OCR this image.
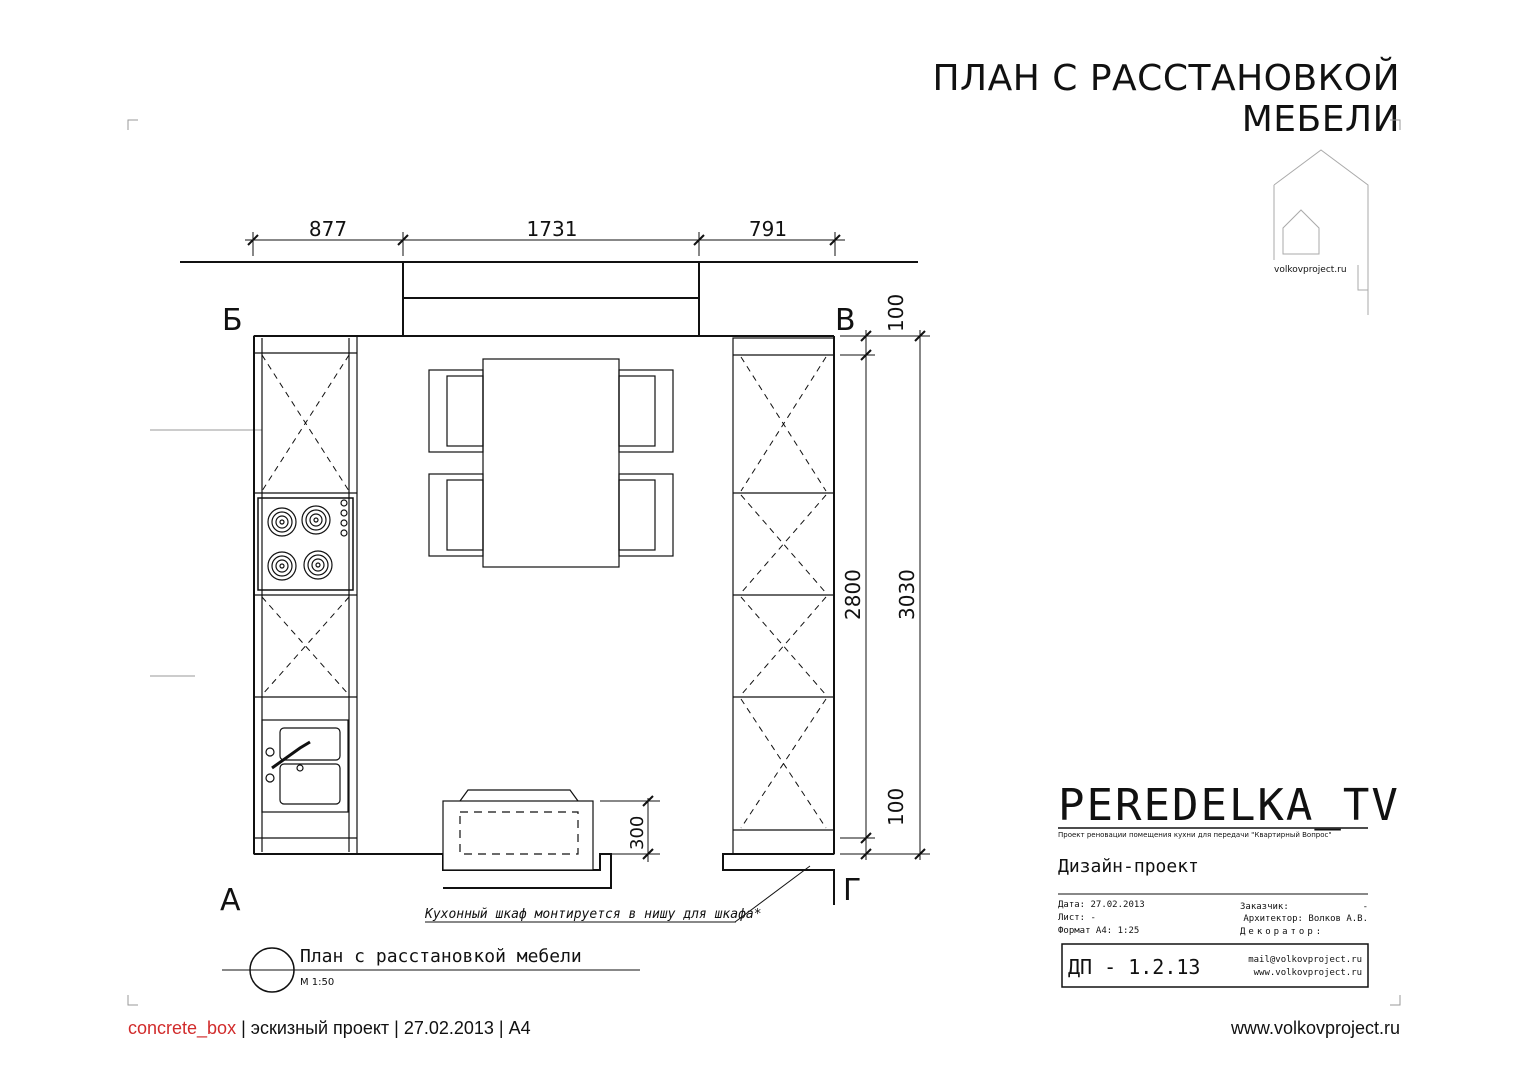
ПЛАН С РАССТАНОВКОЙ МЕБЕЛИ
877	1731	791
Б	В
А	Г
300
100
2800 3030
100
Кухонный шкаф монтируется в нишу для шкафа*
План с расстановкой мебели
М 1:50
volkovproject.ru
PEREDELKA_TV
Проект реновации помещения кухни для передачи "Квартирный Вопрос"
Дизайн-проект
Дата: 27.02.2013
Лист: -
Формат А4: 1:25
Заказчик:	-
Архитектор: Волков А.В.
Декоратор:
ДП - 1.2.13	mail@volkovproject.ru
www.volkovproject.ru
concrete_box | эскизный проект | 27.02.2013 | А4	www.volkovproject.ru
